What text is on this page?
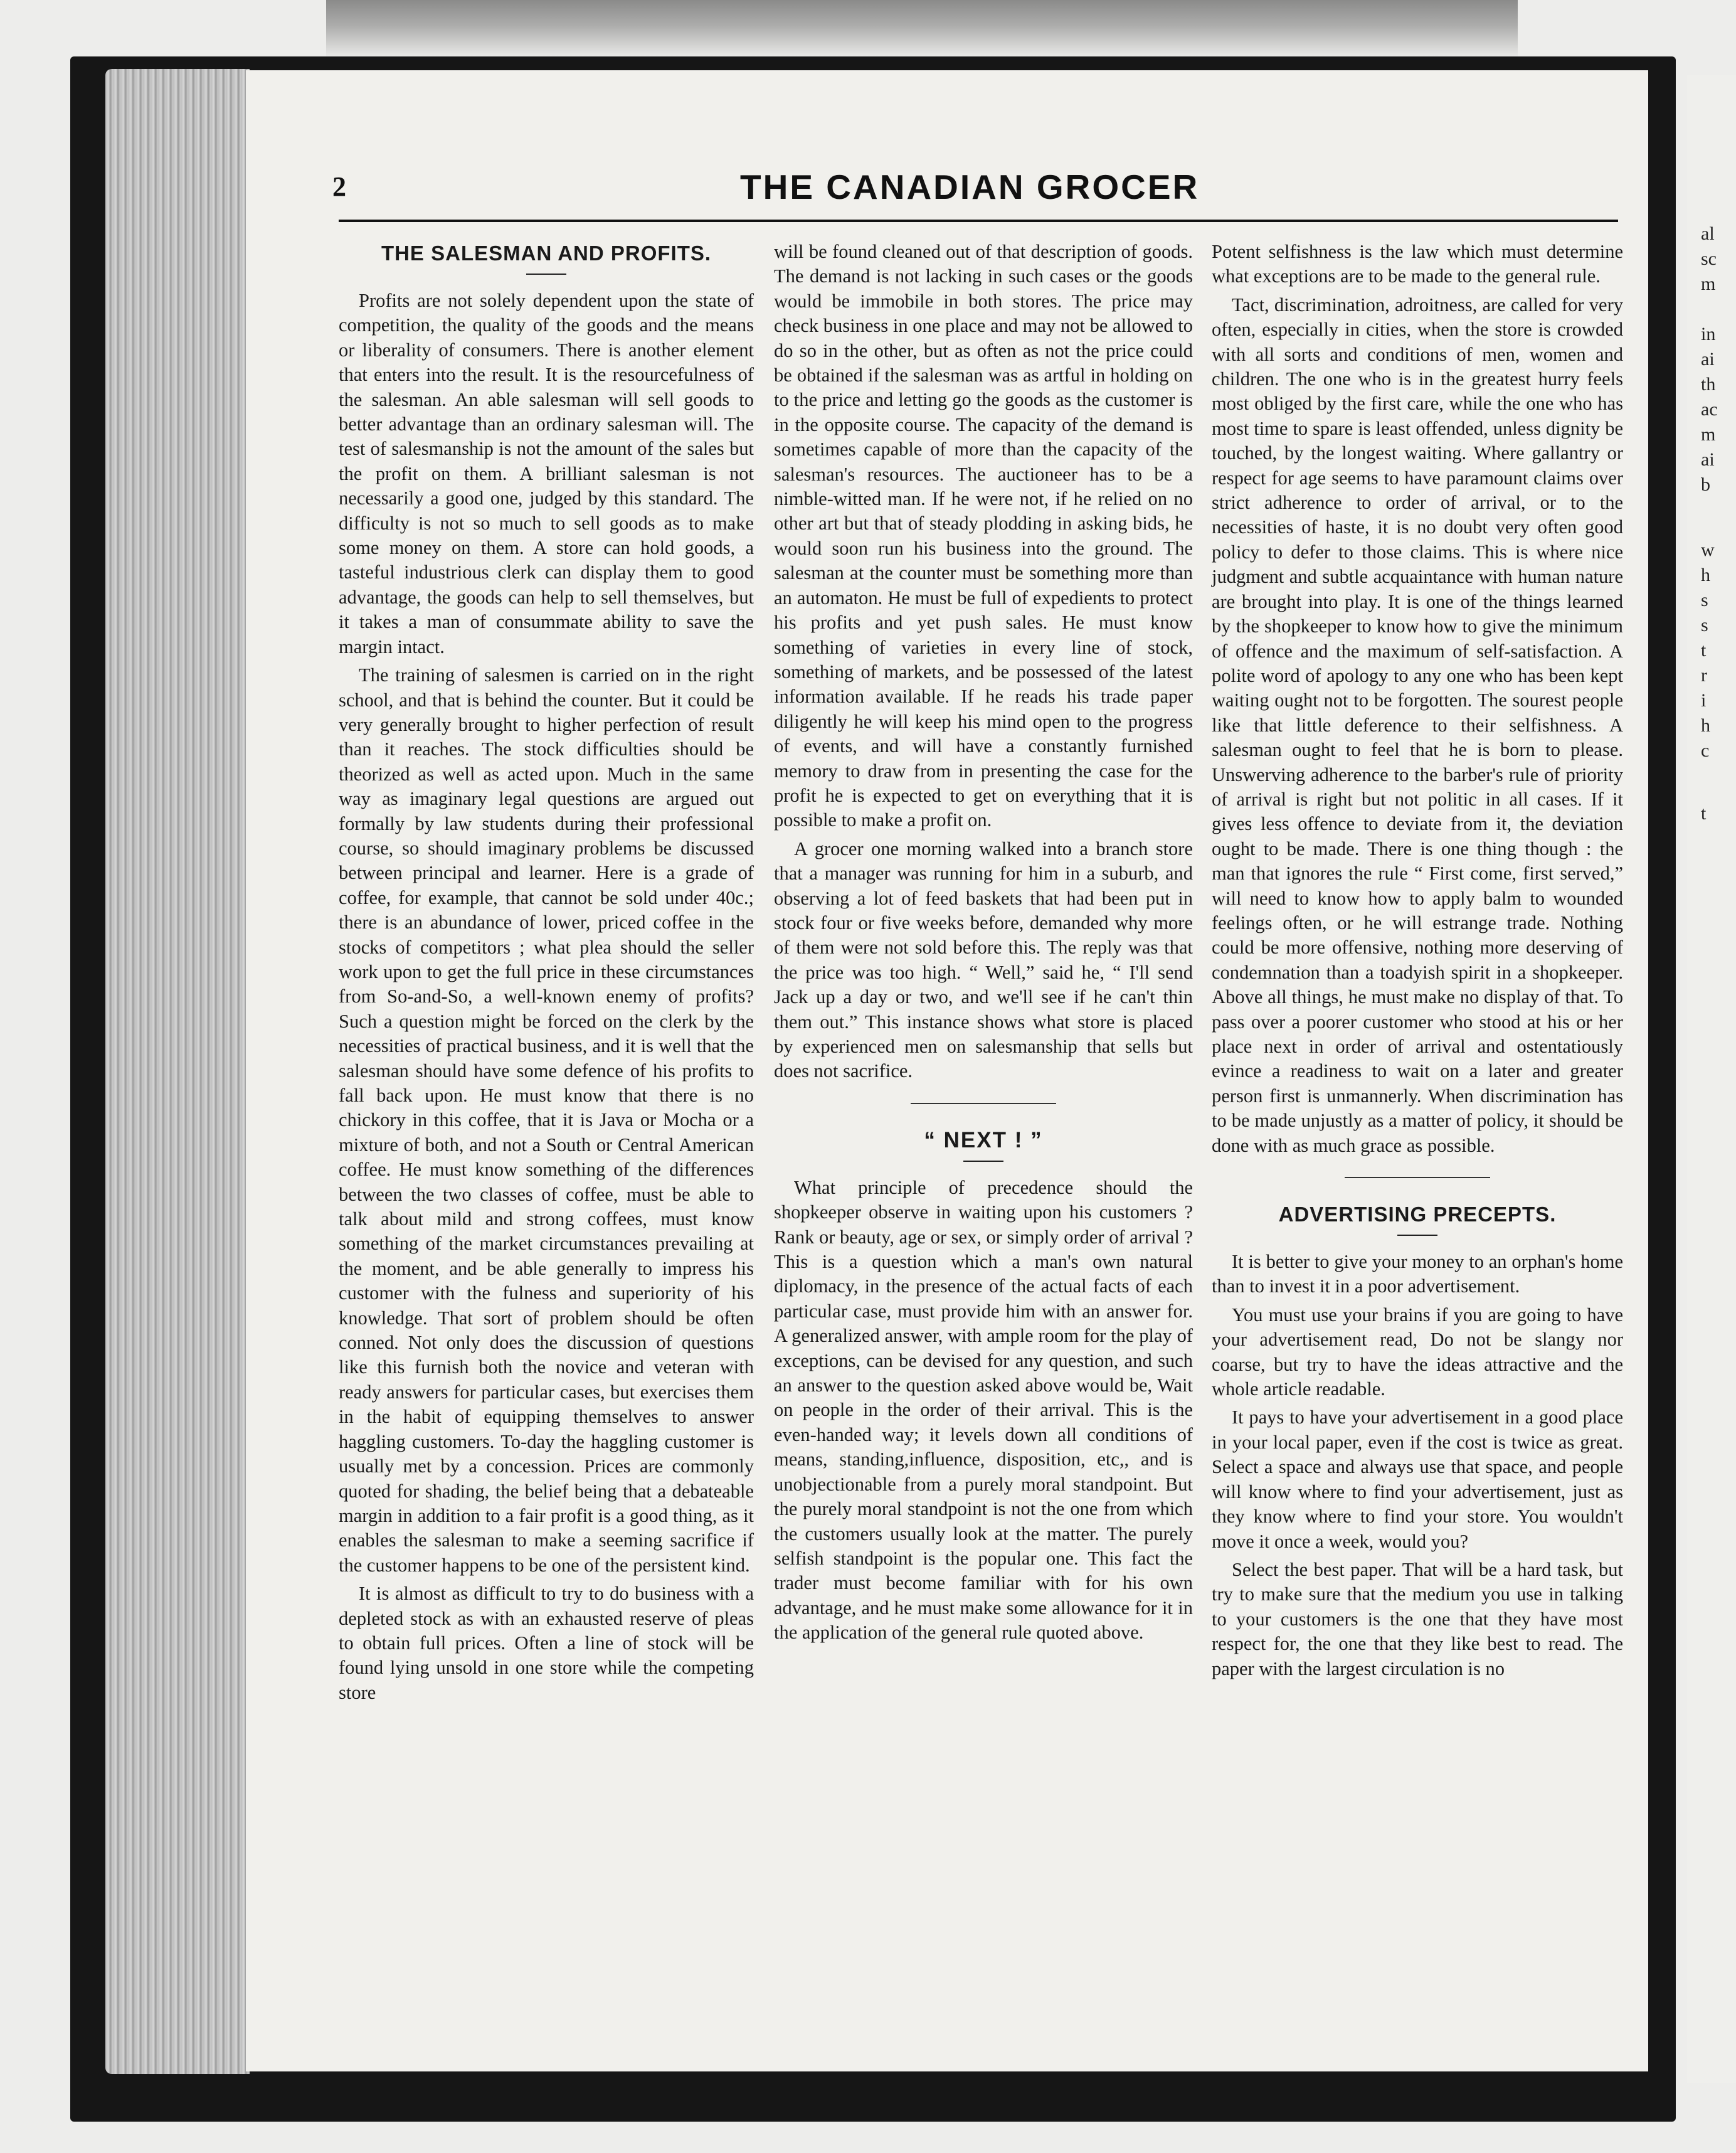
al
sc
m
in
ai
th
ac
m
ai
b
w
h
s
s
t
r
i
h
c
t
2	THE CANADIAN GROCER
THE SALESMAN AND PROFITS.

Profits are not solely dependent upon the state of competition, the quality of the goods and the means or liberality of consumers. There is another element that enters into the result. It is the resourcefulness of the salesman. An able salesman will sell goods to better advantage than an ordinary salesman will. The test of salesmanship is not the amount of the sales but the profit on them. A brilliant salesman is not necessarily a good one, judged by this standard. The difficulty is not so much to sell goods as to make some money on them. A store can hold goods, a tasteful industrious clerk can display them to good advantage, the goods can help to sell themselves, but it takes a man of consummate ability to save the margin intact.

The training of salesmen is carried on in the right school, and that is behind the counter. But it could be very generally brought to higher perfection of result than it reaches. The stock difficulties should be theorized as well as acted upon. Much in the same way as imaginary legal questions are argued out formally by law students during their professional course, so should imaginary problems be discussed between principal and learner. Here is a grade of coffee, for example, that cannot be sold under 40c.; there is an abundance of lower, priced coffee in the stocks of competitors ; what plea should the seller work upon to get the full price in these circumstances from So-and-So, a well-known enemy of profits? Such a question might be forced on the clerk by the necessities of practical business, and it is well that the salesman should have some defence of his profits to fall back upon. He must know that there is no chickory in this coffee, that it is Java or Mocha or a mixture of both, and not a South or Central American coffee. He must know something of the differences between the two classes of coffee, must be able to talk about mild and strong coffees, must know something of the market circumstances prevailing at the moment, and be able generally to impress his customer with the fulness and superiority of his knowledge. That sort of problem should be often conned. Not only does the discussion of questions like this furnish both the novice and veteran with ready answers for particular cases, but exercises them in the habit of equipping themselves to answer haggling customers. To-day the haggling customer is usually met by a concession. Prices are commonly quoted for shading, the belief being that a debateable margin in addition to a fair profit is a good thing, as it enables the salesman to make a seeming sacrifice if the customer happens to be one of the persistent kind.

It is almost as difficult to try to do business with a depleted stock as with an exhausted reserve of pleas to obtain full prices. Often a line of stock will be found lying unsold in one store while the competing store

will be found cleaned out of that description of goods. The demand is not lacking in such cases or the goods would be immobile in both stores. The price may check business in one place and may not be allowed to do so in the other, but as often as not the price could be obtained if the salesman was as artful in holding on to the price and letting go the goods as the customer is in the opposite course. The capacity of the demand is sometimes capable of more than the capacity of the salesman's resources. The auctioneer has to be a nimble-witted man. If he were not, if he relied on no other art but that of steady plodding in asking bids, he would soon run his business into the ground. The salesman at the counter must be something more than an automaton. He must be full of expedients to protect his profits and yet push sales. He must know something of varieties in every line of stock, something of markets, and be possessed of the latest information available. If he reads his trade paper diligently he will keep his mind open to the progress of events, and will have a constantly furnished memory to draw from in presenting the case for the profit he is expected to get on everything that it is possible to make a profit on.

A grocer one morning walked into a branch store that a manager was running for him in a suburb, and observing a lot of feed baskets that had been put in stock four or five weeks before, demanded why more of them were not sold before this. The reply was that the price was too high. “ Well,” said he, “ I'll send Jack up a day or two, and we'll see if he can't thin them out.” This instance shows what store is placed by experienced men on salesmanship that sells but does not sacrifice.

“ NEXT ! ”

What principle of precedence should the shopkeeper observe in waiting upon his customers ? Rank or beauty, age or sex, or simply order of arrival ? This is a question which a man's own natural diplomacy, in the presence of the actual facts of each particular case, must provide him with an answer for. A generalized answer, with ample room for the play of exceptions, can be devised for any question, and such an answer to the question asked above would be, Wait on people in the order of their arrival. This is the even-handed way; it levels down all conditions of means, standing,influence, disposition, etc,, and is unobjectionable from a purely moral standpoint. But the purely moral standpoint is not the one from which the customers usually look at the matter. The purely selfish standpoint is the popular one. This fact the trader must become familiar with for his own advantage, and he must make some allowance for it in the application of the general rule quoted above.

Potent selfishness is the law which must determine what exceptions are to be made to the general rule.

Tact, discrimination, adroitness, are called for very often, especially in cities, when the store is crowded with all sorts and conditions of men, women and children. The one who is in the greatest hurry feels most obliged by the first care, while the one who has most time to spare is least offended, unless dignity be touched, by the longest waiting. Where gallantry or respect for age seems to have paramount claims over strict adherence to order of arrival, or to the necessities of haste, it is no doubt very often good policy to defer to those claims. This is where nice judgment and subtle acquaintance with human nature are brought into play. It is one of the things learned by the shopkeeper to know how to give the minimum of offence and the maximum of self-satisfaction. A polite word of apology to any one who has been kept waiting ought not to be forgotten. The sourest people like that little deference to their selfishness. A salesman ought to feel that he is born to please. Unswerving adherence to the barber's rule of priority of arrival is right but not politic in all cases. If it gives less offence to deviate from it, the deviation ought to be made. There is one thing though : the man that ignores the rule “ First come, first served,” will need to know how to apply balm to wounded feelings often, or he will estrange trade. Nothing could be more offensive, nothing more deserving of condemnation than a toadyish spirit in a shopkeeper. Above all things, he must make no display of that. To pass over a poorer customer who stood at his or her place next in order of arrival and ostentatiously evince a readiness to wait on a later and greater person first is unmannerly. When discrimination has to be made unjustly as a matter of policy, it should be done with as much grace as possible.

ADVERTISING PRECEPTS.

It is better to give your money to an orphan's home than to invest it in a poor advertisement.

You must use your brains if you are going to have your advertisement read, Do not be slangy nor coarse, but try to have the ideas attractive and the whole article readable.

It pays to have your advertisement in a good place in your local paper, even if the cost is twice as great. Select a space and always use that space, and people will know where to find your advertisement, just as they know where to find your store. You wouldn't move it once a week, would you?

Select the best paper. That will be a hard task, but try to make sure that the medium you use in talking to your customers is the one that they have most respect for, the one that they like best to read. The paper with the largest circulation is no
